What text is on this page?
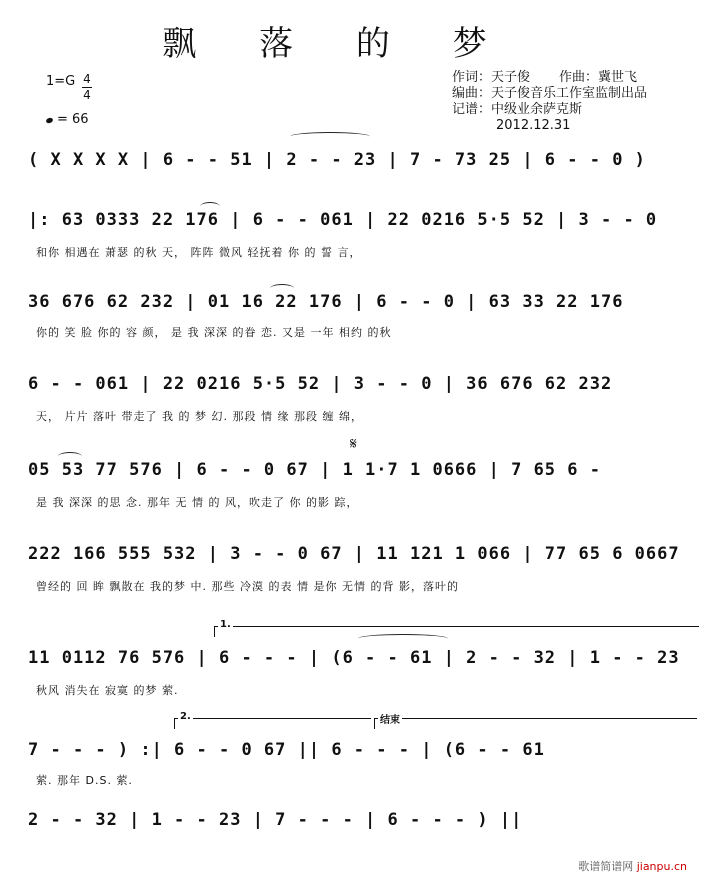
飘 落 的 梦
作词：天子俊 作曲：冀世飞
编曲：天子俊音乐工作室监制出品
记谱：中级业余萨克斯
2012.12.31
1=G 4
4
= 66
( X X X X | 6 - - 51 | 2 - - 23 | 7 - 73 25 | 6 - - 0 )
|: 63 0333 22 176 | 6 - - 061 | 22 0216 5·5 52 | 3 - - 0
和你 相遇在 萧瑟 的秋 天， 阵阵 微风 轻抚着 你 的 誓 言，
36 676 62 232 | 01 16 22 176 | 6 - - 0 | 63 33 22 176
你的 笑 脸 你的 容 颜， 是 我 深深 的眷 恋. 又是 一年 相约 的秋
6 - - 061 | 22 0216 5·5 52 | 3 - - 0 | 36 676 62 232
天， 片片 落叶 带走了 我 的 梦 幻. 那段 情 缘 那段 缠 绵，
05 53 77 576 | 6 - - 0 67 | 1 1·7 1 0666 | 7 65 6 -
是 我 深深 的思 念. 那年 无 情 的 风，吹走了 你 的影 踪，
𝄋
222 166 555 532 | 3 - - 0 67 | 11 121 1 066 | 77 65 6 0667
曾经的 回 眸 飘散在 我的梦 中. 那些 冷漠 的表 情 是你 无情 的背 影，落叶的
1.
11 0112 76 576 | 6 - - - | (6 - - 61 | 2 - - 32 | 1 - - 23
秋风 消失在 寂寞 的梦 萦.
2.	结束
7 - - - ) :| 6 - - 0 67 || 6 - - - | (6 - - 61
萦. 那年 D.S. 萦.
2 - - 32 | 1 - - 23 | 7 - - - | 6 - - - ) ||
歌谱简谱网 jianpu.cn
